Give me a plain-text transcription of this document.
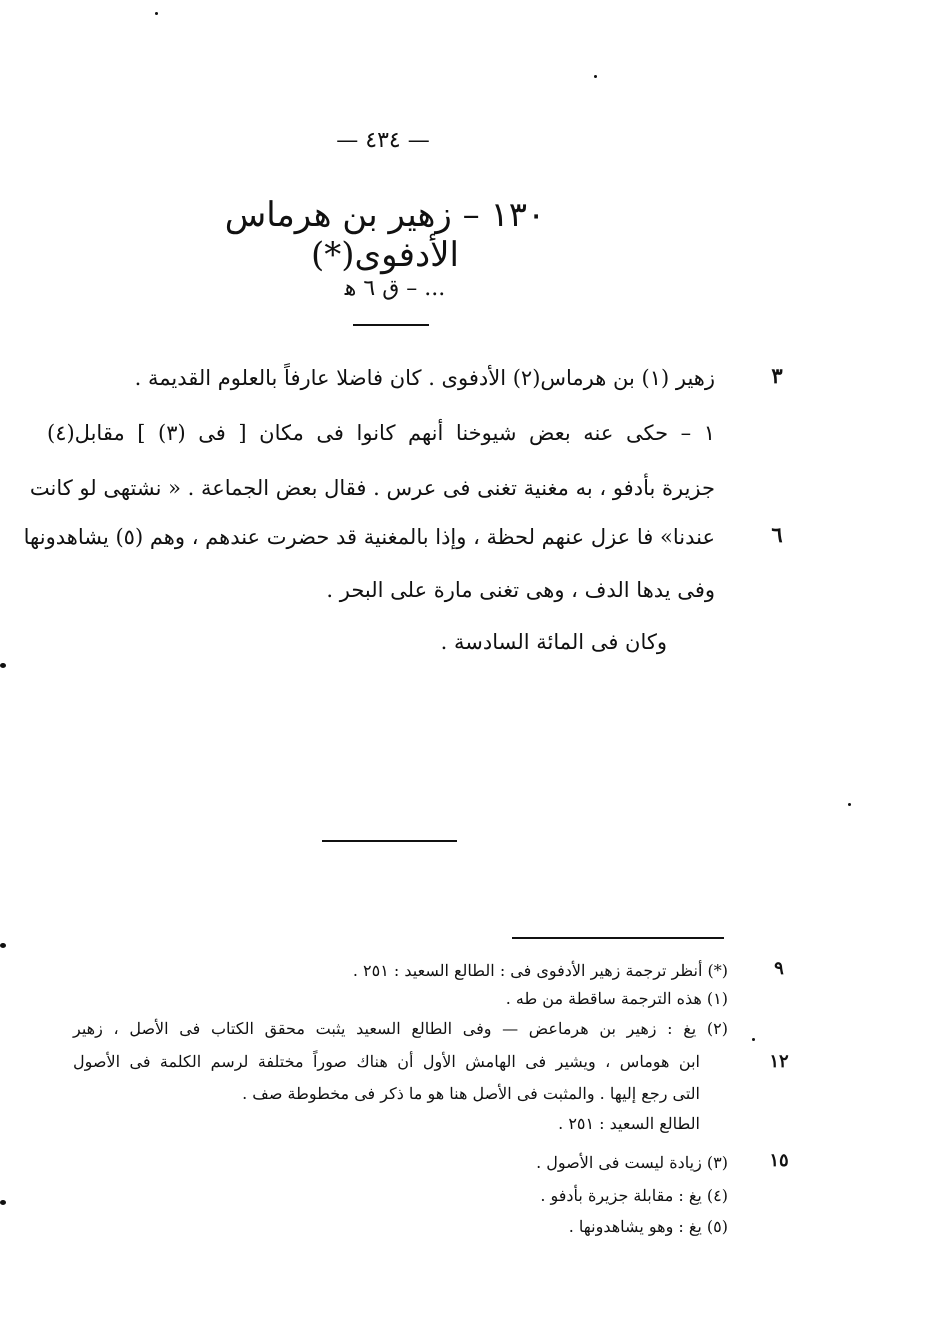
— ٤٣٤ —
١٣٠ – زهير بن هرماس الأدفوى(*)
... – ق ٦ ﻫ
زهير (١) بن هرماس(٢) الأدفوى . كان فاضلا عارفاً بالعلوم القديمة .
١ – حكى عنه بعض شيوخنا أنهم كانوا فى مكان [ فى (٣) ] مقابل(٤)
جزيرة بأدفو ، به مغنية تغنى فى عرس . فقال بعض الجماعة . « نشتهى لو كانت
عندنا» فا عزل عنهم لحظة ، وإذا بالمغنية قد حضرت عندهم ، وهم (٥) يشاهدونها
وفى يدها الدف ، وهى تغنى مارة على البحر .
وكان فى المائة السادسة .
٣
٦
(*) أنظر ترجمة زهير الأدفوى فى : الطالع السعيد : ٢٥١ .
(١) هذه الترجمة ساقطة من طه .
(٢) يغ : زهير بن هرماعض — وفى الطالع السعيد يثبت محقق الكتاب فى الأصل ، زهير
ابن هوماس ، ويشير فى الهامش الأول أن هناك صوراً مختلفة لرسم الكلمة فى الأصول
التى رجع إليها . والمثبت فى الأصل هنا هو ما ذكر فى مخطوطة صف .
الطالع السعيد : ٢٥١ .
(٣) زيادة ليست فى الأصول .
(٤) يغ : مقابلة جزيرة بأدفو .
(٥) يغ : وهو يشاهدونها .
٩
١٢
١٥
